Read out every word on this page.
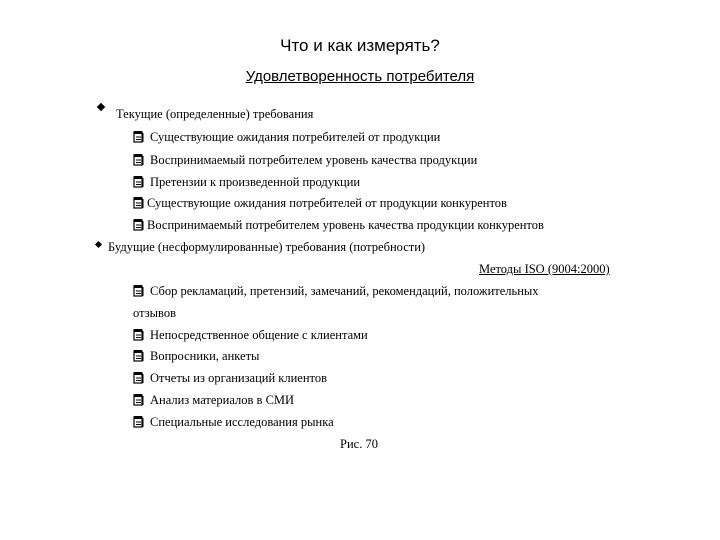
Что и как измерять?
Удовлетворенность потребителя
Текущие (определенные) требования
Существующие ожидания потребителей от продукции
Воспринимаемый потребителем уровень качества продукции
Претензии к произведенной продукции
Существующие ожидания потребителей от продукции конкурентов
Воспринимаемый потребителем уровень качества продукции конкурентов
Будущие (несформулированные) требования (потребности)
Методы ISO (9004:2000)
Сбор рекламаций, претензий, замечаний, рекомендаций, положительных
отзывов
Непосредственное общение с клиентами
Вопросники, анкеты
Отчеты из организаций клиентов
Анализ материалов в СМИ
Специальные исследования рынка
Рис. 70
